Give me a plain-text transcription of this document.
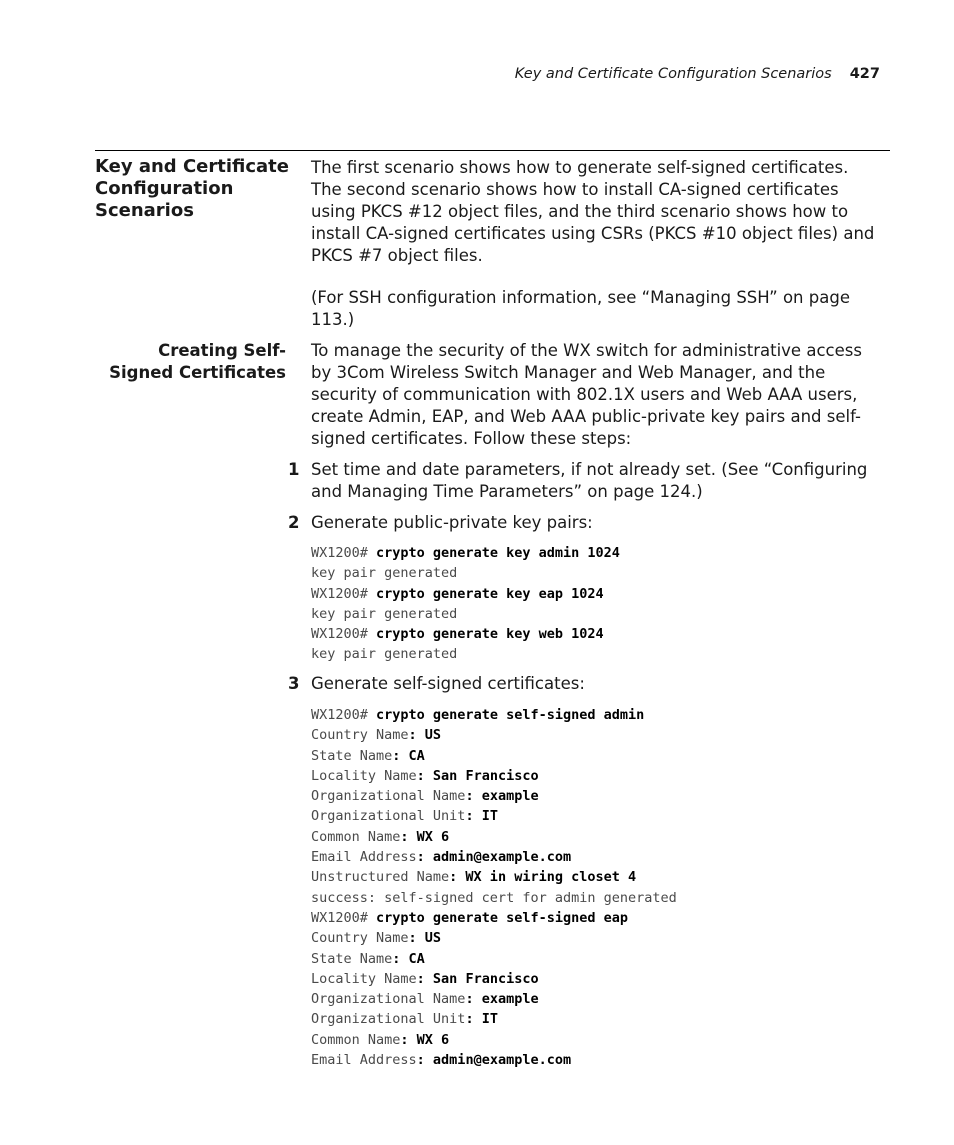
Key and Certificate Configuration Scenarios 427
Key and Certificate Configuration Scenarios
The first scenario shows how to generate self-signed certificates. The second scenario shows how to install CA-signed certificates using PKCS #12 object files, and the third scenario shows how to install CA-signed certificates using CSRs (PKCS #10 object files) and PKCS #7 object files.
(For SSH configuration information, see “Managing SSH” on page 113.)
Creating Self-Signed Certificates
To manage the security of the WX switch for administrative access by 3Com Wireless Switch Manager and Web Manager, and the security of communication with 802.1X users and Web AAA users, create Admin, EAP, and Web AAA public-private key pairs and self-signed certificates. Follow these steps:
1 Set time and date parameters, if not already set. (See “Configuring and Managing Time Parameters” on page 124.)
2 Generate public-private key pairs:
WX1200# crypto generate key admin 1024
key pair generated
WX1200# crypto generate key eap 1024
key pair generated
WX1200# crypto generate key web 1024
key pair generated
3 Generate self-signed certificates:
WX1200# crypto generate self-signed admin
Country Name: US
State Name: CA
Locality Name: San Francisco
Organizational Name: example
Organizational Unit: IT
Common Name: WX 6
Email Address: admin@example.com
Unstructured Name: WX in wiring closet 4
success: self-signed cert for admin generated
WX1200# crypto generate self-signed eap
Country Name: US
State Name: CA
Locality Name: San Francisco
Organizational Name: example
Organizational Unit: IT
Common Name: WX 6
Email Address: admin@example.com
